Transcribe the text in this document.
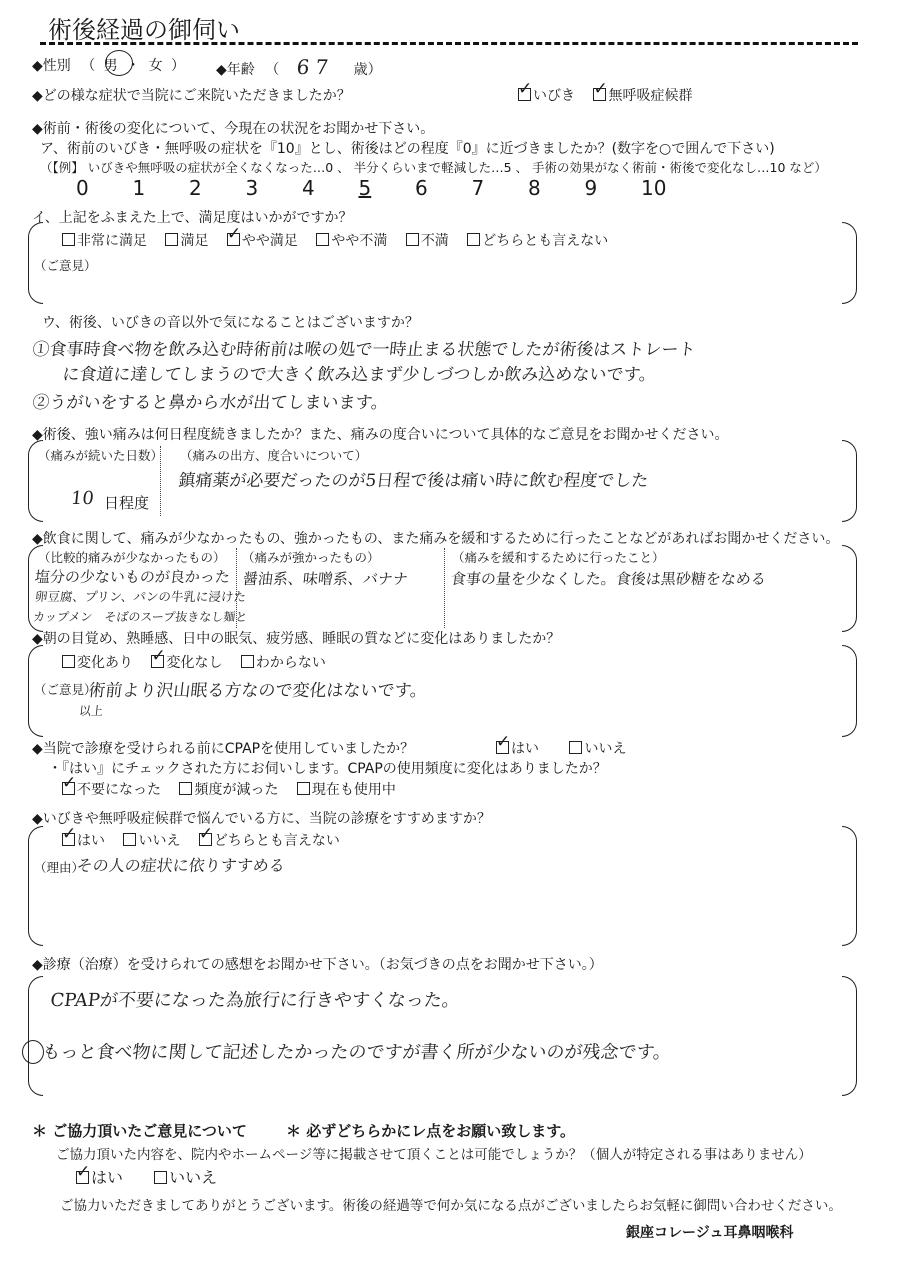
術後経過の御伺い
◆性別 （ 男 ・ 女 ） ◆年齢 （ 67 歳）
◆どの様な症状で当院にご来院いただきましたか？ ✓	いびき ✓ 無呼吸症候群
◆術前・術後の変化について、今現在の状況をお聞かせ下さい。
ア、術前のいびき・無呼吸の症状を『10』とし、術後はどの程度『0』に近づきましたか？(数字を○で囲んで下さい)
（【例】 いびきや無呼吸の症状が全くなくなった…0 、 半分くらいまで軽減した…5 、 手術の効果がなく術前・術後で変化なし…10 など）
0 1 2 3 4 5 6 7 8 9 10
イ、上記をふまえた上で、満足度はいかがですか？
非常に満足 満足 ✓ やや満足 やや不満 不満 どちらとも言えない
（ご意見）
ウ、術後、いびきの音以外で気になることはございますか？
①食事時食べ物を飲み込む時術前は喉の処で一時止まる状態でしたが術後はストレート
に食道に達してしまうので大きく飲み込まず少しづつしか飲み込めないです。
②うがいをすると鼻から水が出てしまいます。
◆術後、強い痛みは何日程度続きましたか？また、痛みの度合いについて具体的なご意見をお聞かせください。
（痛みが続いた日数） （痛みの出方、度合いについて）
10 日程度
鎮痛薬が必要だったのが5日程で後は痛い時に飲む程度でした
◆飲食に関して、痛みが少なかったもの、強かったもの、また痛みを緩和するために行ったことなどがあればお聞かせください。
（比較的痛みが少なかったもの） （痛みが強かったもの）	（痛みを緩和するために行ったこと）
塩分の少ないものが良かった
卵豆腐、プリン、パンの牛乳に浸けた
カップメン　そばのスープ抜きなし麺と
醤油系、味噌系、バナナ	食事の量を少なくした。食後は黒砂糖をなめる
◆朝の目覚め、熟睡感、日中の眠気、疲労感、睡眠の質などに変化はありましたか？
変化あり ✓ 変化なし わからない
（ご意見）
術前より沢山眠る方なので変化はないです。
以上
◆当院で診療を受けられる前にCPAPを使用していましたか？ ✓	はい	いいえ
・『はい』にチェックされた方にお伺いします。CPAPの使用頻度に変化はありましたか？
✓不要になった 頻度が減った 現在も使用中
◆いびきや無呼吸症候群で悩んでいる方に、当院の診療をすすめますか？
✓はい いいえ ✓ どちらとも言えない
（理由）
その人の症状に依りすすめる
◆診療（治療）を受けられての感想をお聞かせ下さい。（お気づきの点をお聞かせ下さい。）
CPAPが不要になった為旅行に行きやすくなった。
もっと食べ物に関して記述したかったのですが書く所が少ないのが残念です。
＊ ご協力頂いたご意見について	＊ 必ずどちらかにレ点をお願い致します。
ご協力頂いた内容を、院内やホームページ等に掲載させて頂くことは可能でしょうか？（個人が特定される事はありません）
✓はい	いいえ
ご協力いただきましてありがとうございます。術後の経過等で何か気になる点がございましたらお気軽に御問い合わせください。
銀座コレージュ耳鼻咽喉科
